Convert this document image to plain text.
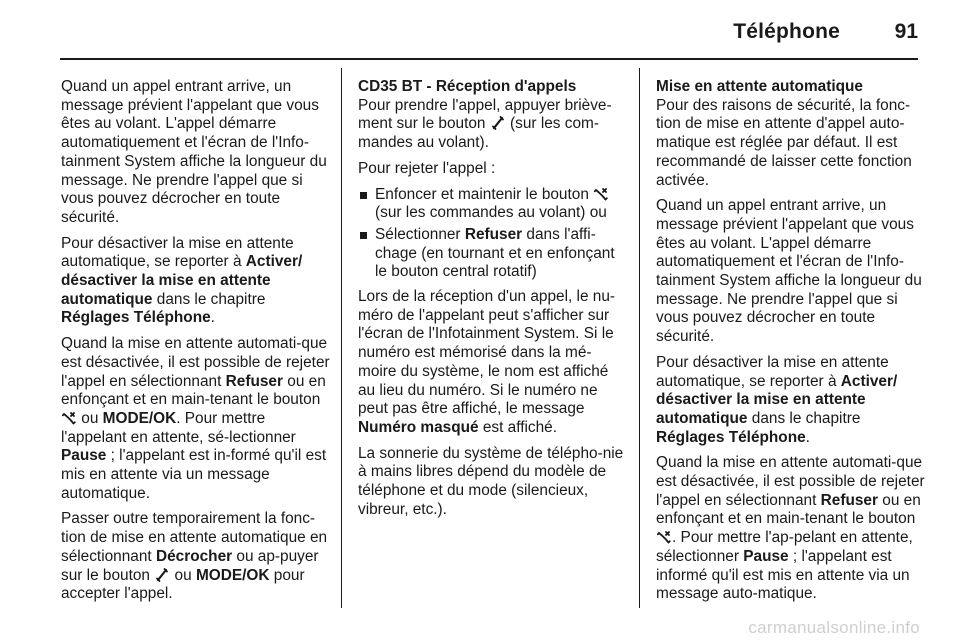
Téléphone	91

Quand un appel entrant arrive, un message prévient l'appelant que vous êtes au volant. L'appel démarre automatiquement et l'écran de l'Info-tainment System affiche la longueur du message. Ne prendre l'appel que si vous pouvez décrocher en toute sécurité.

Pour désactiver la mise en attente automatique, se reporter à Activer/ désactiver la mise en attente automatique dans le chapitre Réglages Téléphone.

Quand la mise en attente automati-que est désactivée, il est possible de rejeter l'appel en sélectionnant Refuser ou en enfonçant et en main-tenant le bouton
ou MODE/OK. Pour mettre l'appelant en attente, sé-lectionner Pause ; l'appelant est in-formé qu'il est mis en attente via un message automatique.

Passer outre temporairement la fonc-tion de mise en attente automatique en sélectionnant Décrocher ou ap-puyer sur le bouton
ou MODE/OK pour accepter l'appel.

CD35 BT - Réception d'appels

Pour prendre l'appel, appuyer briève-ment sur le bouton
(sur les com-mandes au volant).

Pour rejeter l'appel :

Enfoncer et maintenir le bouton
(sur les commandes au volant) ou
Sélectionner Refuser dans l'affi-chage (en tournant et en enfonçant le bouton central rotatif)

Lors de la réception d'un appel, le nu-méro de l'appelant peut s'afficher sur l'écran de l'Infotainment System. Si le numéro est mémorisé dans la mé-moire du système, le nom est affiché au lieu du numéro. Si le numéro ne peut pas être affiché, le message Numéro masqué est affiché.

La sonnerie du système de télépho-nie à mains libres dépend du modèle de téléphone et du mode (silencieux, vibreur, etc.).

Mise en attente automatique

Pour des raisons de sécurité, la fonc-tion de mise en attente d'appel auto-matique est réglée par défaut. Il est recommandé de laisser cette fonction activée.

Quand un appel entrant arrive, un message prévient l'appelant que vous êtes au volant. L'appel démarre automatiquement et l'écran de l'Info-tainment System affiche la longueur du message. Ne prendre l'appel que si vous pouvez décrocher en toute sécurité.

Pour désactiver la mise en attente automatique, se reporter à Activer/ désactiver la mise en attente automatique dans le chapitre Réglages Téléphone.

Quand la mise en attente automati-que est désactivée, il est possible de rejeter l'appel en sélectionnant Refuser ou en enfonçant et en main-tenant le bouton
. Pour mettre l'ap-pelant en attente, sélectionner Pause ; l'appelant est informé qu'il est mis en attente via un message auto-matique.

carmanualsonline.info
